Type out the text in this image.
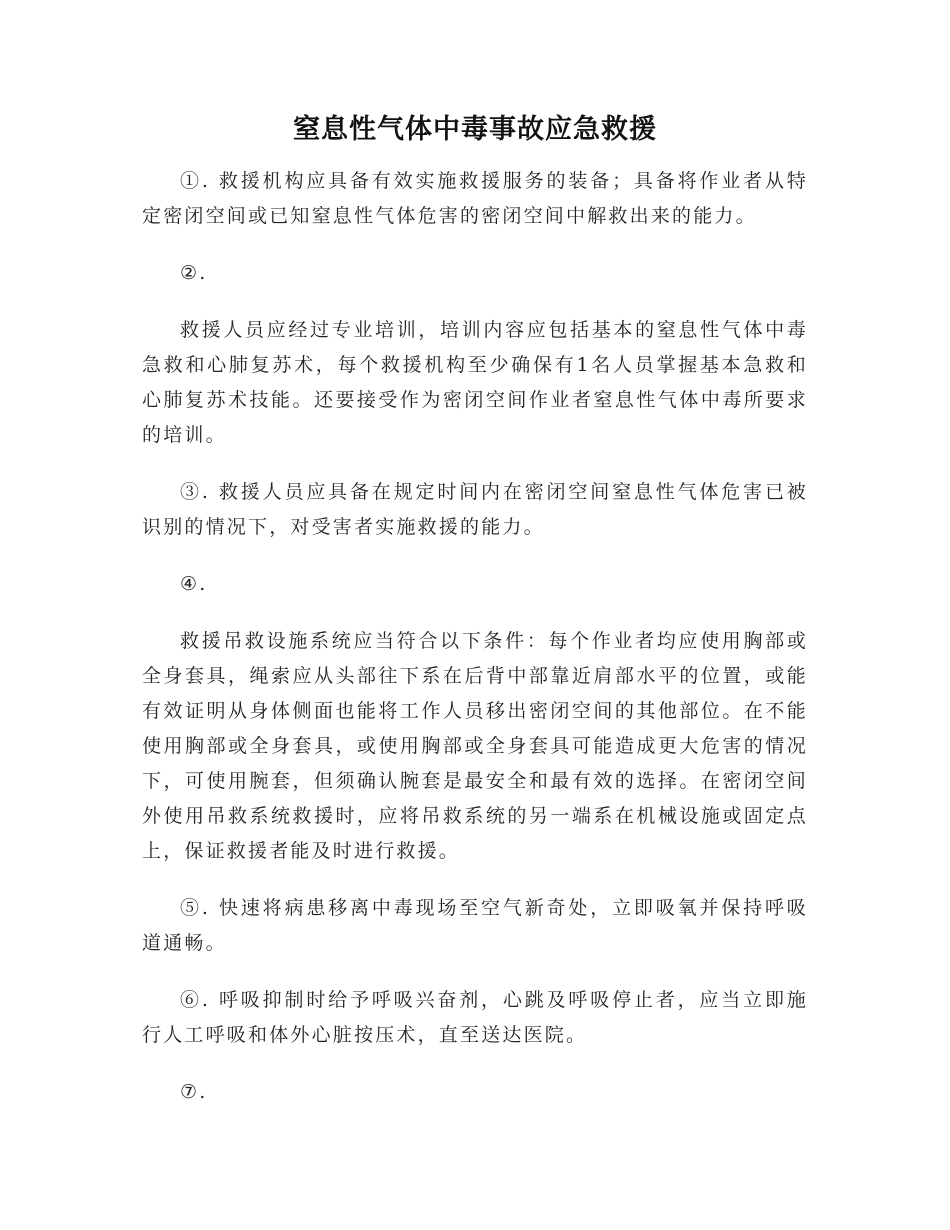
窒息性气体中毒事故应急救援

①. 救援机构应具备有效实施救援服务的装备；具备将作业者从特定密闭空间或已知窒息性气体危害的密闭空间中解救出来的能力。

②.

救援人员应经过专业培训，培训内容应包括基本的窒息性气体中毒急救和心肺复苏术，每个救援机构至少确保有1名人员掌握基本急救和心肺复苏术技能。还要接受作为密闭空间作业者窒息性气体中毒所要求的培训。

③. 救援人员应具备在规定时间内在密闭空间窒息性气体危害已被识别的情况下，对受害者实施救援的能力。

④.

救援吊救设施系统应当符合以下条件：每个作业者均应使用胸部或全身套具，绳索应从头部往下系在后背中部靠近肩部水平的位置，或能有效证明从身体侧面也能将工作人员移出密闭空间的其他部位。在不能使用胸部或全身套具，或使用胸部或全身套具可能造成更大危害的情况下，可使用腕套，但须确认腕套是最安全和最有效的选择。在密闭空间外使用吊救系统救援时，应将吊救系统的另一端系在机械设施或固定点上，保证救援者能及时进行救援。

⑤. 快速将病患移离中毒现场至空气新奇处，立即吸氧并保持呼吸道通畅。

⑥. 呼吸抑制时给予呼吸兴奋剂，心跳及呼吸停止者，应当立即施行人工呼吸和体外心脏按压术，直至送达医院。

⑦.
